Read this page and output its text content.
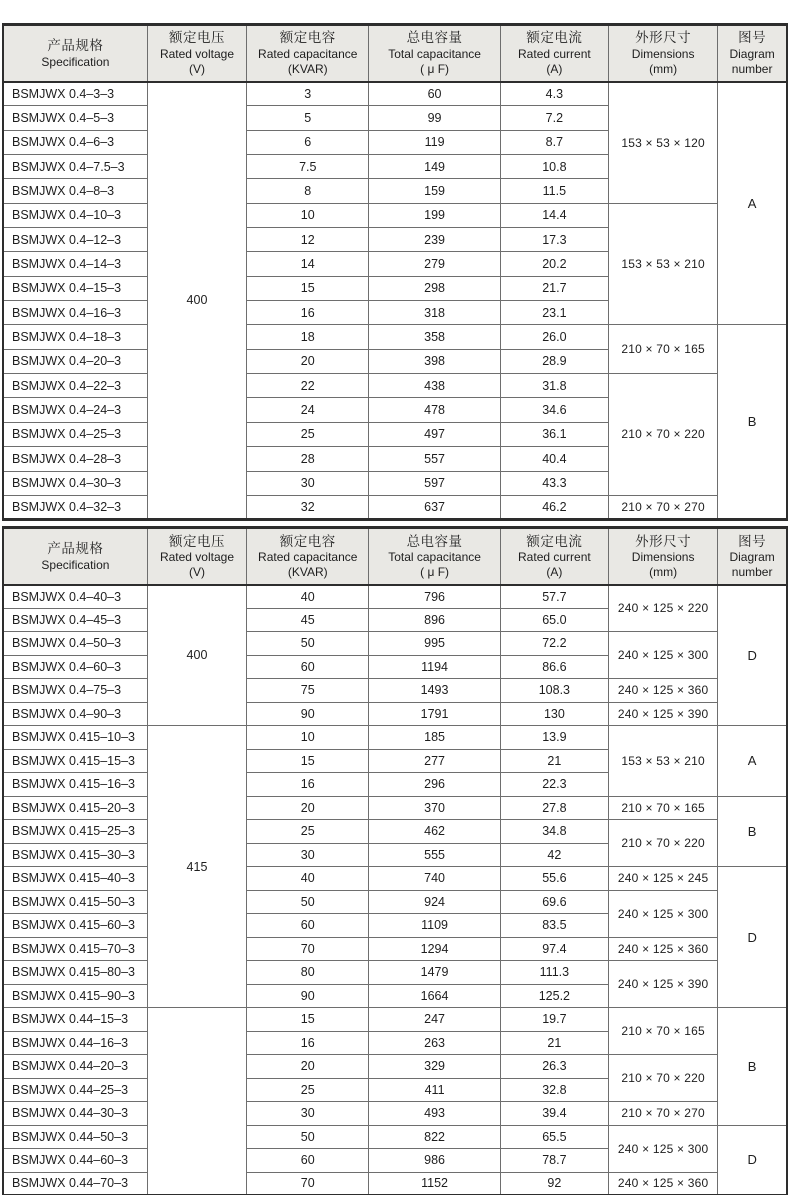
产品规格
Specification

额定电压
Rated voltage
(V)

额定电容
Rated capacitance
(KVAR)

总电容量
Total capacitance
( μ F)

额定电流
Rated current
(A)

外形尺寸
Dimensions
(mm)

图号
Diagram
number

BSMJWX 0.4–3–3	400	3	60	4.3	153 × 53 × 120	A
BSMJWX 0.4–5–3		5	99	7.2		
BSMJWX 0.4–6–3		6	119	8.7		
BSMJWX 0.4–7.5–3		7.5	149	10.8		
BSMJWX 0.4–8–3		8	159	11.5		
BSMJWX 0.4–10–3		10	199	14.4	153 × 53 × 210	
BSMJWX 0.4–12–3		12	239	17.3		
BSMJWX 0.4–14–3		14	279	20.2		
BSMJWX 0.4–15–3		15	298	21.7		
BSMJWX 0.4–16–3		16	318	23.1		
BSMJWX 0.4–18–3		18	358	26.0	210 × 70 × 165	B
BSMJWX 0.4–20–3		20	398	28.9		
BSMJWX 0.4–22–3		22	438	31.8	210 × 70 × 220	
BSMJWX 0.4–24–3		24	478	34.6		
BSMJWX 0.4–25–3		25	497	36.1		
BSMJWX 0.4–28–3		28	557	40.4		
BSMJWX 0.4–30–3		30	597	43.3		
BSMJWX 0.4–32–3		32	637	46.2	210 × 70 × 270	
产品规格
Specification

额定电压
Rated voltage
(V)

额定电容
Rated capacitance
(KVAR)

总电容量
Total capacitance
( μ F)

额定电流
Rated current
(A)

外形尺寸
Dimensions
(mm)

图号
Diagram
number

BSMJWX 0.4–40–3	400	40	796	57.7	240 × 125 × 220	D
BSMJWX 0.4–45–3		45	896	65.0		
BSMJWX 0.4–50–3		50	995	72.2	240 × 125 × 300	
BSMJWX 0.4–60–3		60	1194	86.6		
BSMJWX 0.4–75–3		75	1493	108.3	240 × 125 × 360	
BSMJWX 0.4–90–3		90	1791	130	240 × 125 × 390	
BSMJWX 0.415–10–3	415	10	185	13.9	153 × 53 × 210	A
BSMJWX 0.415–15–3		15	277	21		
BSMJWX 0.415–16–3		16	296	22.3		
BSMJWX 0.415–20–3		20	370	27.8	210 × 70 × 165	B
BSMJWX 0.415–25–3		25	462	34.8	210 × 70 × 220	
BSMJWX 0.415–30–3		30	555	42		
BSMJWX 0.415–40–3		40	740	55.6	240 × 125 × 245	D
BSMJWX 0.415–50–3		50	924	69.6	240 × 125 × 300	
BSMJWX 0.415–60–3		60	1109	83.5		
BSMJWX 0.415–70–3		70	1294	97.4	240 × 125 × 360	
BSMJWX 0.415–80–3		80	1479	111.3	240 × 125 × 390	
BSMJWX 0.415–90–3		90	1664	125.2		
BSMJWX 0.44–15–3		15	247	19.7	210 × 70 × 165	B
BSMJWX 0.44–16–3		16	263	21		
BSMJWX 0.44–20–3		20	329	26.3	210 × 70 × 220	
BSMJWX 0.44–25–3		25	411	32.8		
BSMJWX 0.44–30–3		30	493	39.4	210 × 70 × 270	
BSMJWX 0.44–50–3		50	822	65.5	240 × 125 × 300	D
BSMJWX 0.44–60–3		60	986	78.7		
BSMJWX 0.44–70–3		70	1152	92	240 × 125 × 360	
